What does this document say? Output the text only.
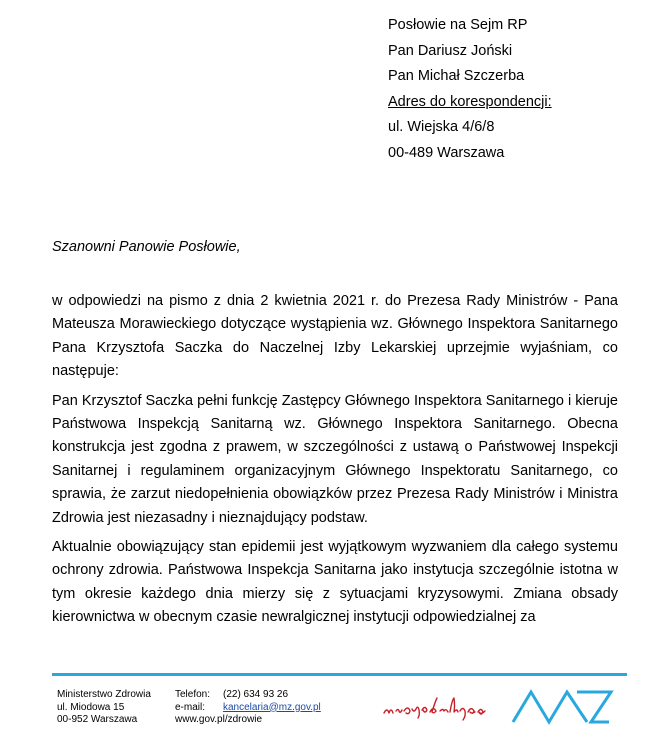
Posłowie na Sejm RP
Pan Dariusz Joński
Pan Michał Szczerba
Adres do korespondencji:
ul. Wiejska 4/6/8
00-489 Warszawa
Szanowni Panowie Posłowie,

w odpowiedzi na pismo z dnia 2 kwietnia 2021 r. do Prezesa Rady Ministrów - Pana Mateusza Morawieckiego dotyczące wystąpienia wz. Głównego Inspektora Sanitarnego Pana Krzysztofa Saczka do Naczelnej Izby Lekarskiej uprzejmie wyjaśniam, co następuje:

Pan Krzysztof Saczka pełni funkcję Zastępcy Głównego Inspektora Sanitarnego i kieruje Państwowa Inspekcją Sanitarną wz. Głównego Inspektora Sanitarnego. Obecna konstrukcja jest zgodna z prawem, w szczególności z ustawą o Państwowej Inspekcji Sanitarnej i regulaminem organizacyjnym Głównego Inspektoratu Sanitarnego, co sprawia, że zarzut niedopełnienia obowiązków przez Prezesa Rady Ministrów i Ministra Zdrowia jest niezasadny i nieznajdujący podstaw.

Aktualnie obowiązujący stan epidemii jest wyjątkowym wyzwaniem dla całego systemu ochrony zdrowia. Państwowa Inspekcja Sanitarna jako instytucja szczególnie istotna w tym okresie każdego dnia mierzy się z sytuacjami kryzysowymi. Zmiana obsady kierownictwa w obecnym czasie newralgicznej instytucji odpowiedzialnej za

Ministerstwo Zdrowia
ul. Miodowa 15
00-952 Warszawa
Telefon: (22) 634 93 26
e-mail: kancelaria@mz.gov.pl
www.gov.pl/zdrowie
